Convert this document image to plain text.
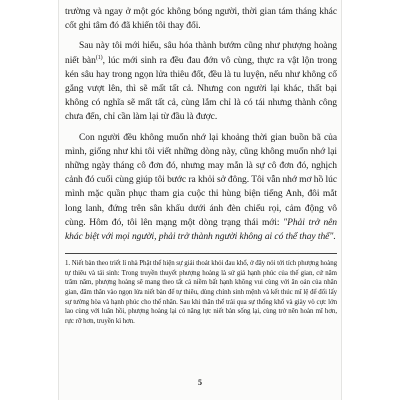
trường và ngay ở một góc không bóng người, thời gian tám tháng khác cốt ghi tâm đó đã khiến tôi thay đổi.

Sau này tôi mới hiểu, sâu hóa thành bướm cũng như phượng hoàng niết bàn$^{(1)}$, lúc mới sinh ra đều đau đớn vô cùng, thực ra vật lộn trong kén sâu hay trong ngọn lửa thiêu đốt, đều là tu luyện, nếu như không cố gắng vượt lên, thì sẽ mất tất cả. Nhưng con người lại khác, thất bại không có nghĩa sẽ mất tất cả, cùng lắm chỉ là có tái nhưng thành công chưa đến, chỉ cần làm lại từ đầu là được.

Con người đều không muốn nhớ lại khoảng thời gian buồn bã của mình, giống như khi tôi viết những dòng này, cũng không muốn nhớ lại những ngày tháng cô đơn đó, nhưng may mắn là sự cô đơn đó, nghịch cảnh đó cuối cùng giúp tôi bước ra khỏi sở đông. Tôi vẫn nhớ mơ hồ lúc mình mặc quần phục tham gia cuộc thi hùng biện tiếng Anh, đôi mắt long lanh, đứng trên sân khấu dưới ánh đèn chiếu rọi, cảm động vô cùng. Hôm đó, tôi lên mạng một dòng trạng thái mới: "Phải trở nên khác biệt với mọi người, phải trở thành người không ai có thể thay thế".

1. Niết bàn theo triết lí nhà Phật thể hiện sự giải thoát khỏi đau khổ, ở đây nói tới tích phượng hoàng tự thiêu và tái sinh: Trong truyền thuyết phượng hoàng là sứ giả hạnh phúc của thế gian, cứ năm trăm năm, phượng hoàng sẽ mang theo tất cả niềm bất hạnh không vui cùng với ân oán của nhân gian, đâm thân vào ngọn lửa niết bàn để tự thiêu, dùng chính sinh mệnh và kết thúc mĩ lệ để đổi lấy sự tường hòa và hạnh phúc cho thế nhân. Sau khi thân thể trải qua sự thống khổ và giày vò cực lớn lao cùng với luân hồi, phượng hoàng lại có năng lực niết bàn sống lại, cùng trở nên hoàn mĩ hơn, rực rỡ hơn, truyền kì hơn.

5
